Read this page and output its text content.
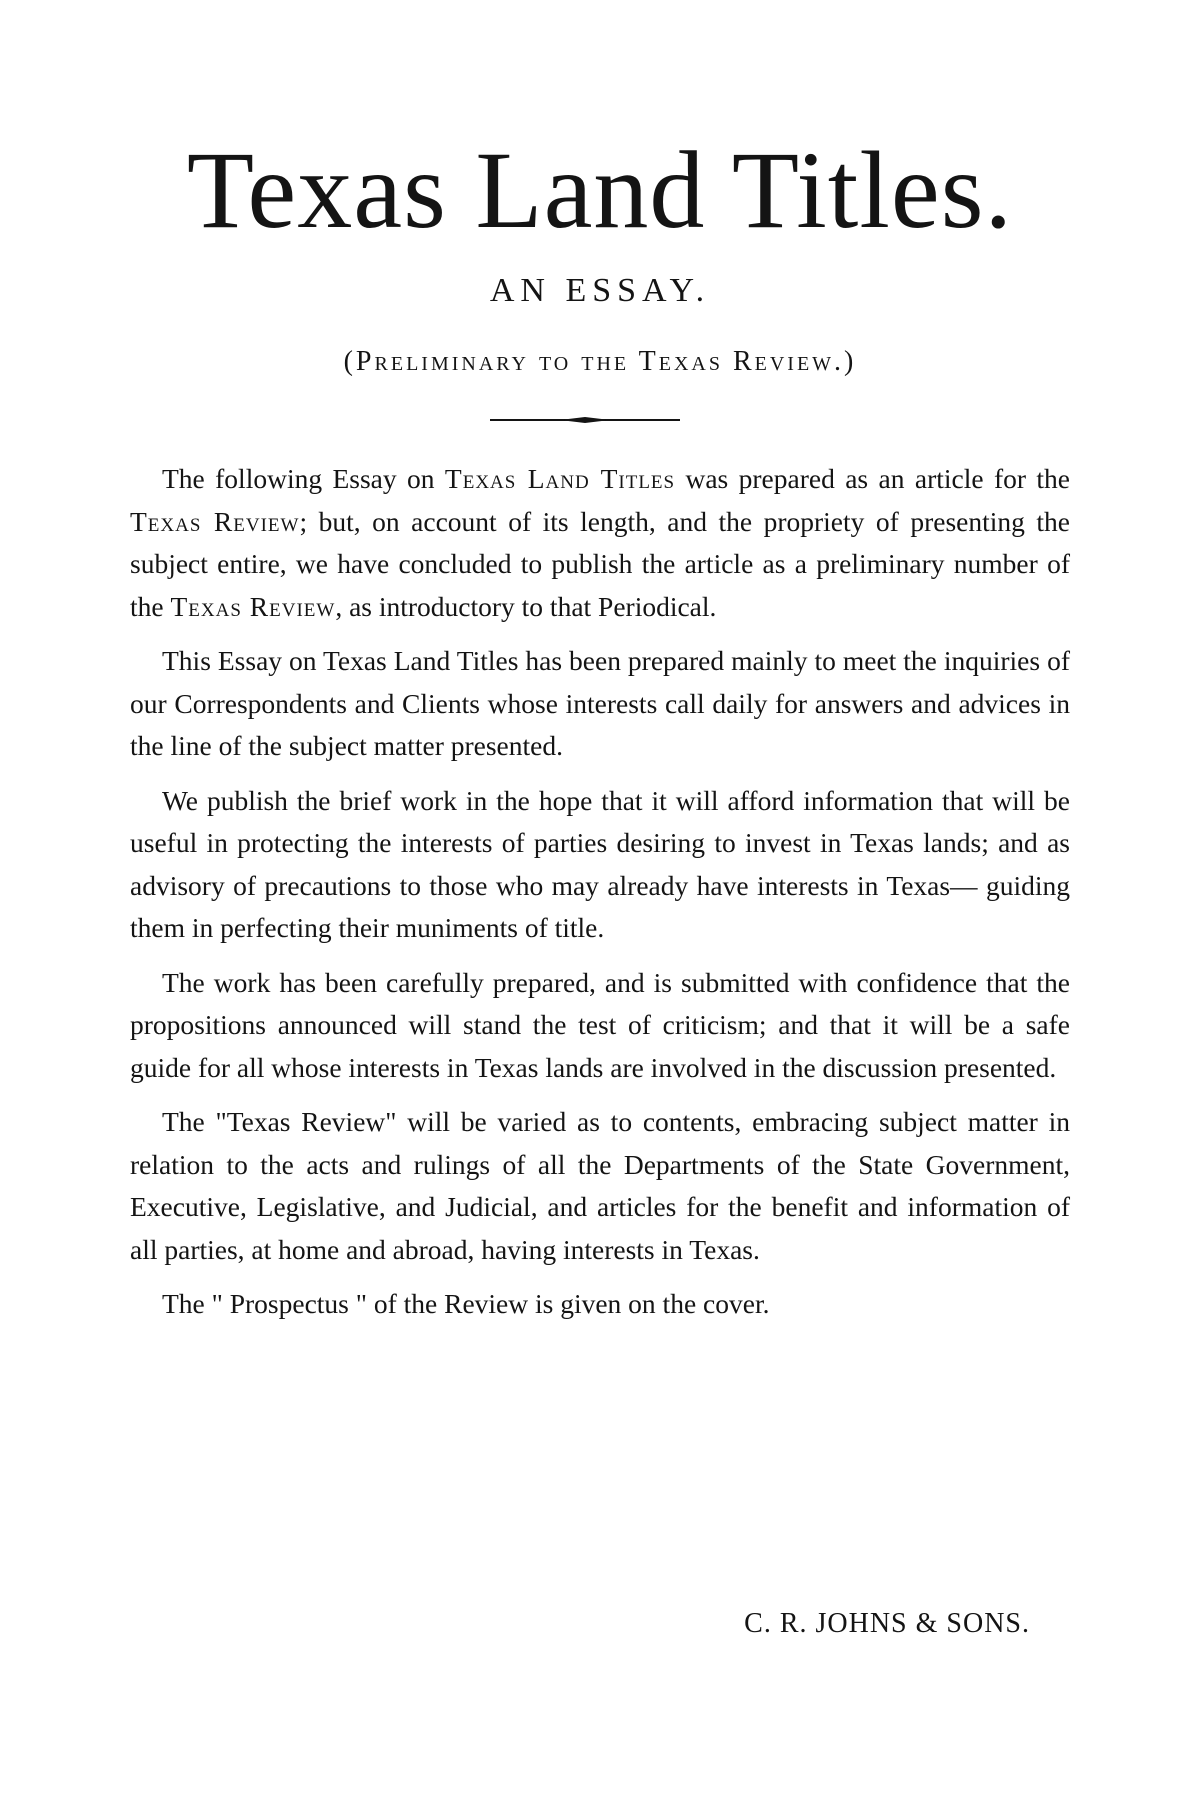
Texas Land Titles.
AN ESSAY.
(Preliminary to the Texas Review.)

The following Essay on Texas Land Titles was prepared as an article for the Texas Review; but, on account of its length, and the propriety of presenting the subject entire, we have concluded to publish the article as a preliminary number of the Texas Review, as introductory to that Periodical.

This Essay on Texas Land Titles has been prepared mainly to meet the inquiries of our Correspondents and Clients whose interests call daily for answers and advices in the line of the subject matter presented.

We publish the brief work in the hope that it will afford information that will be useful in protecting the interests of parties desiring to invest in Texas lands; and as advisory of precautions to those who may already have interests in Texas— guiding them in perfecting their muniments of title.

The work has been carefully prepared, and is submitted with confidence that the propositions announced will stand the test of criticism; and that it will be a safe guide for all whose interests in Texas lands are involved in the discussion presented.

The "Texas Review" will be varied as to contents, embracing subject matter in relation to the acts and rulings of all the Departments of the State Government, Executive, Legislative, and Judicial, and articles for the benefit and information of all parties, at home and abroad, having interests in Texas.

The " Prospectus " of the Review is given on the cover.

C. R. JOHNS & SONS.
